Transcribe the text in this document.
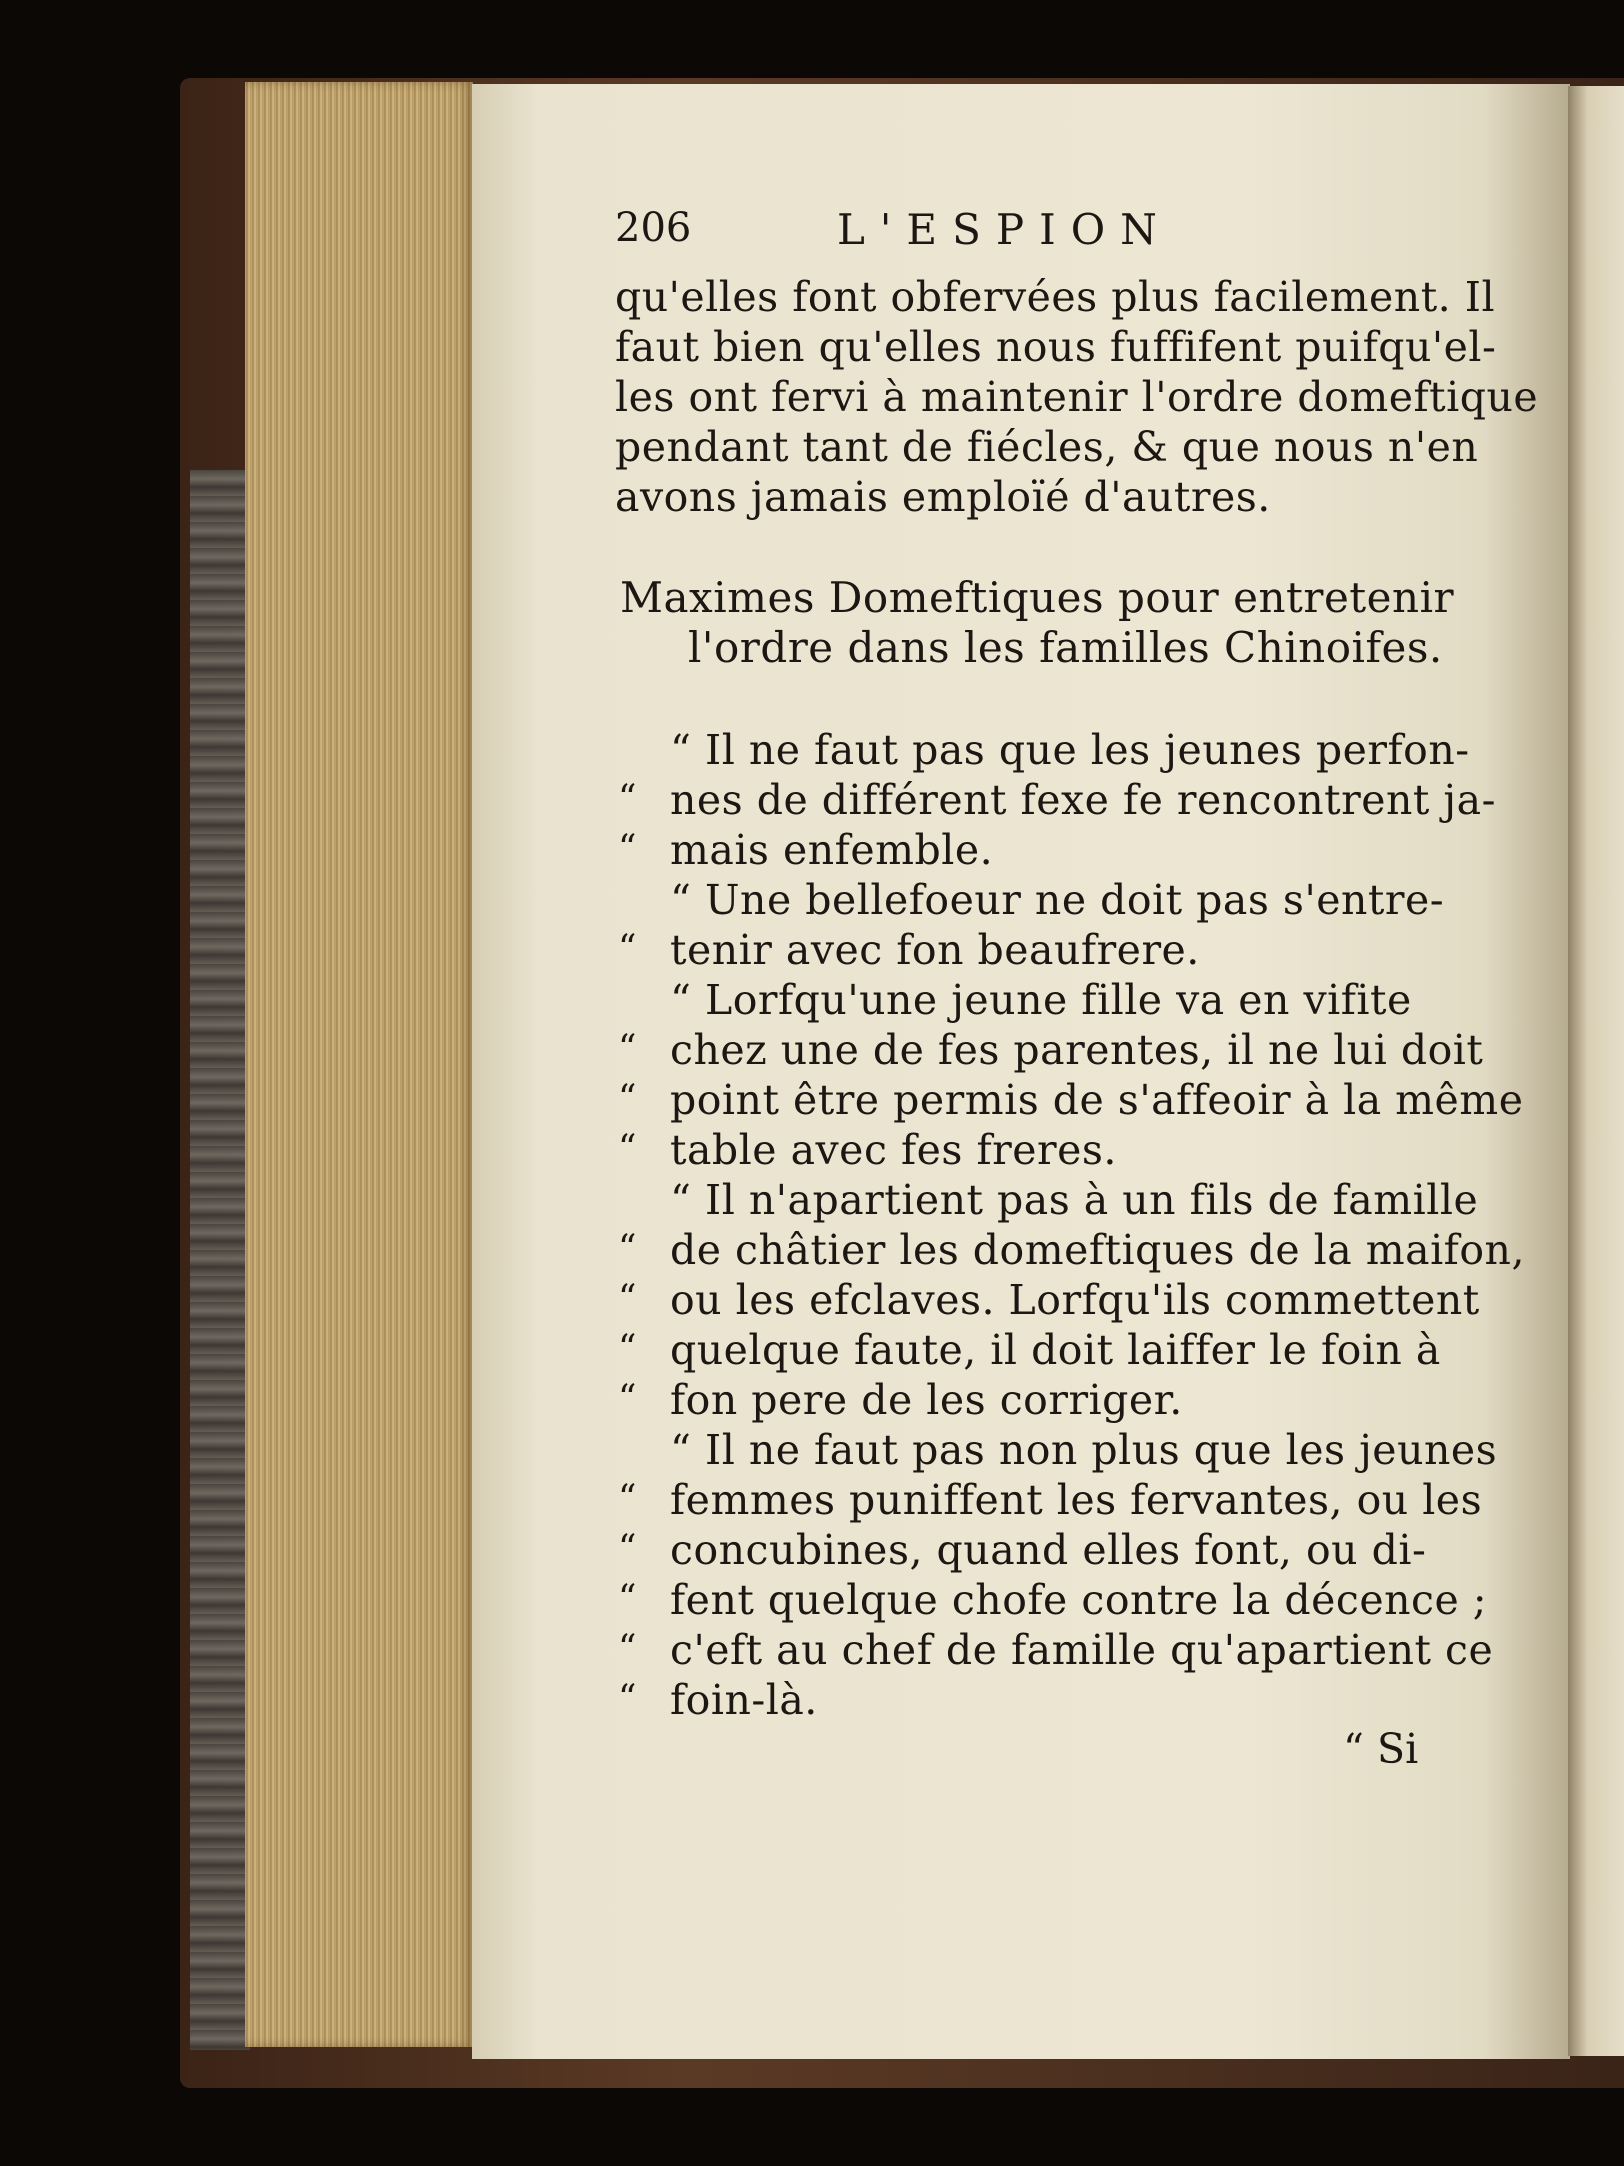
206	L'ESPION
qu'elles font obfervées plus facilement. Il
faut bien qu'elles nous fuffifent puifqu'el-
les ont fervi à maintenir l'ordre domeftique
pendant tant de fiécles, & que nous n'en
avons jamais emploïé d'autres.
Maximes Domeftiques pour entretenir
l'ordre dans les familles Chinoifes.
“ Il ne faut pas que les jeunes perfon-
“ nes de différent fexe fe rencontrent ja-
“ mais enfemble.
“ Une bellefoeur ne doit pas s'entre-
“ tenir avec fon beaufrere.
“ Lorfqu'une jeune fille va en vifite
“ chez une de fes parentes, il ne lui doit
“ point être permis de s'affeoir à la même
“ table avec fes freres.
“ Il n'apartient pas à un fils de famille
“ de châtier les domeftiques de la maifon,
“ ou les efclaves. Lorfqu'ils commettent
“ quelque faute, il doit laiffer le foin à
“ fon pere de les corriger.
“ Il ne faut pas non plus que les jeunes
“ femmes puniffent les fervantes, ou les
“ concubines, quand elles font, ou di-
“ fent quelque chofe contre la décence ;
“ c'eft au chef de famille qu'apartient ce
“ foin-là.
“ Si
